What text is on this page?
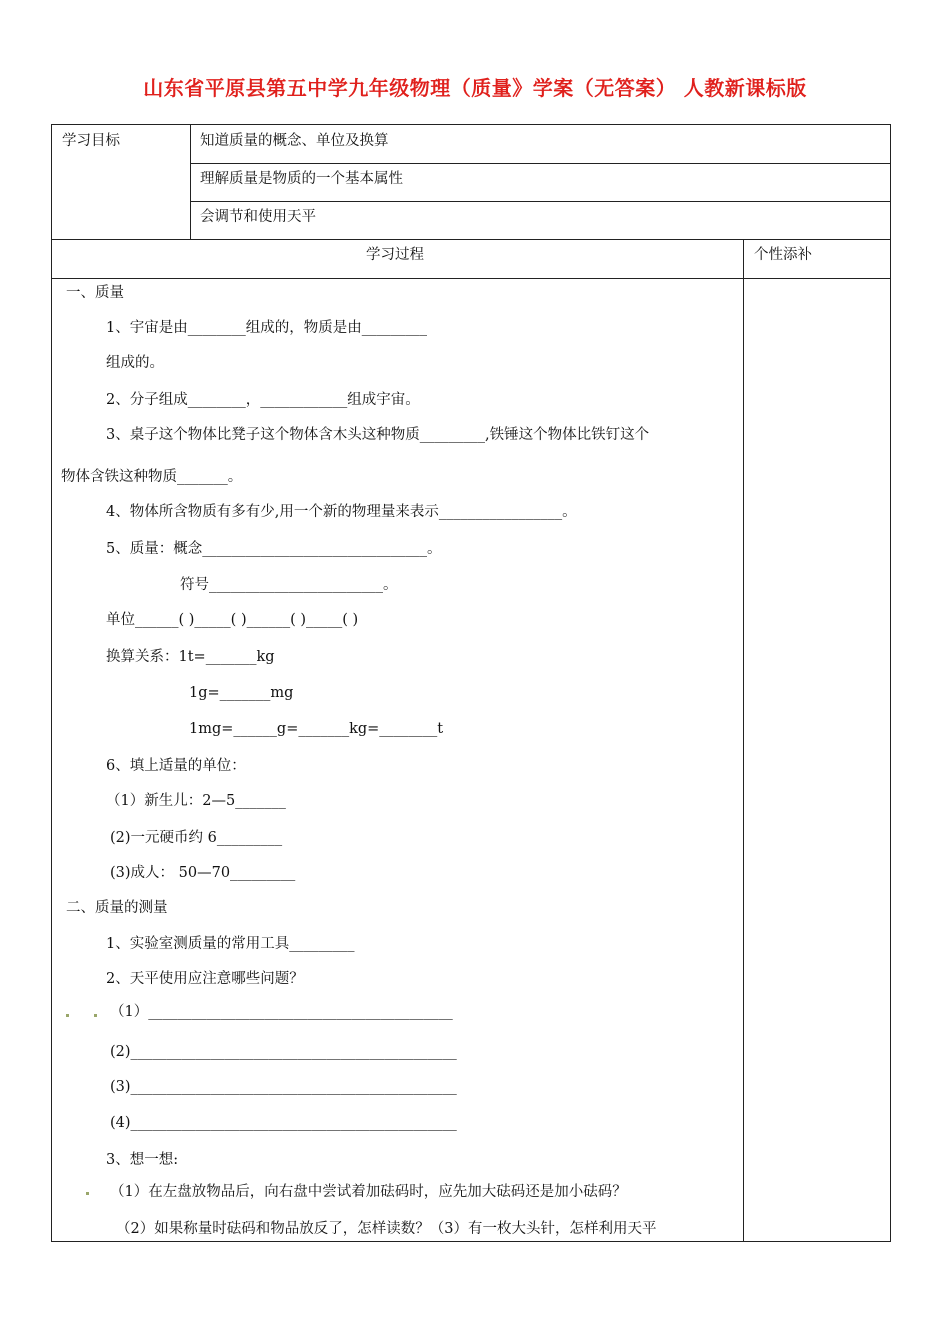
山东省平原县第五中学九年级物理（质量》学案（无答案） 人教新课标版
学习目标	知道质量的概念、单位及换算
理解质量是物质的一个基本属性
会调节和使用天平
学习过程	个性添补
一、质量
1、宇宙是由________组成的，物质是由_________
组成的。
2、分子组成________，____________组成宇宙。
3、桌子这个物体比凳子这个物体含木头这种物质_________,铁锤这个物体比铁钉这个
物体含铁这种物质_______。
4、物体所含物质有多有少,用一个新的物理量来表示_________________。
5、质量：概念_______________________________。
符号________________________。
单位______( )_____( )______( )_____( )
换算关系：1t=_______kg
1g=_______mg
1mg=______g=_______kg=________t
6、填上适量的单位：
（1）新生儿：2—5_______
(2)一元硬币约 6_________
(3)成人： 50—70_________
二、质量的测量
1、实验室测质量的常用工具_________
2、天平使用应注意哪些问题？
（1）__________________________________________
(2)_____________________________________________
(3)_____________________________________________
(4)_____________________________________________
3、想一想:
（1）在左盘放物品后，向右盘中尝试着加砝码时，应先加大砝码还是加小砝码？
（2）如果称量时砝码和物品放反了，怎样读数？（3）有一枚大头针，怎样利用天平
